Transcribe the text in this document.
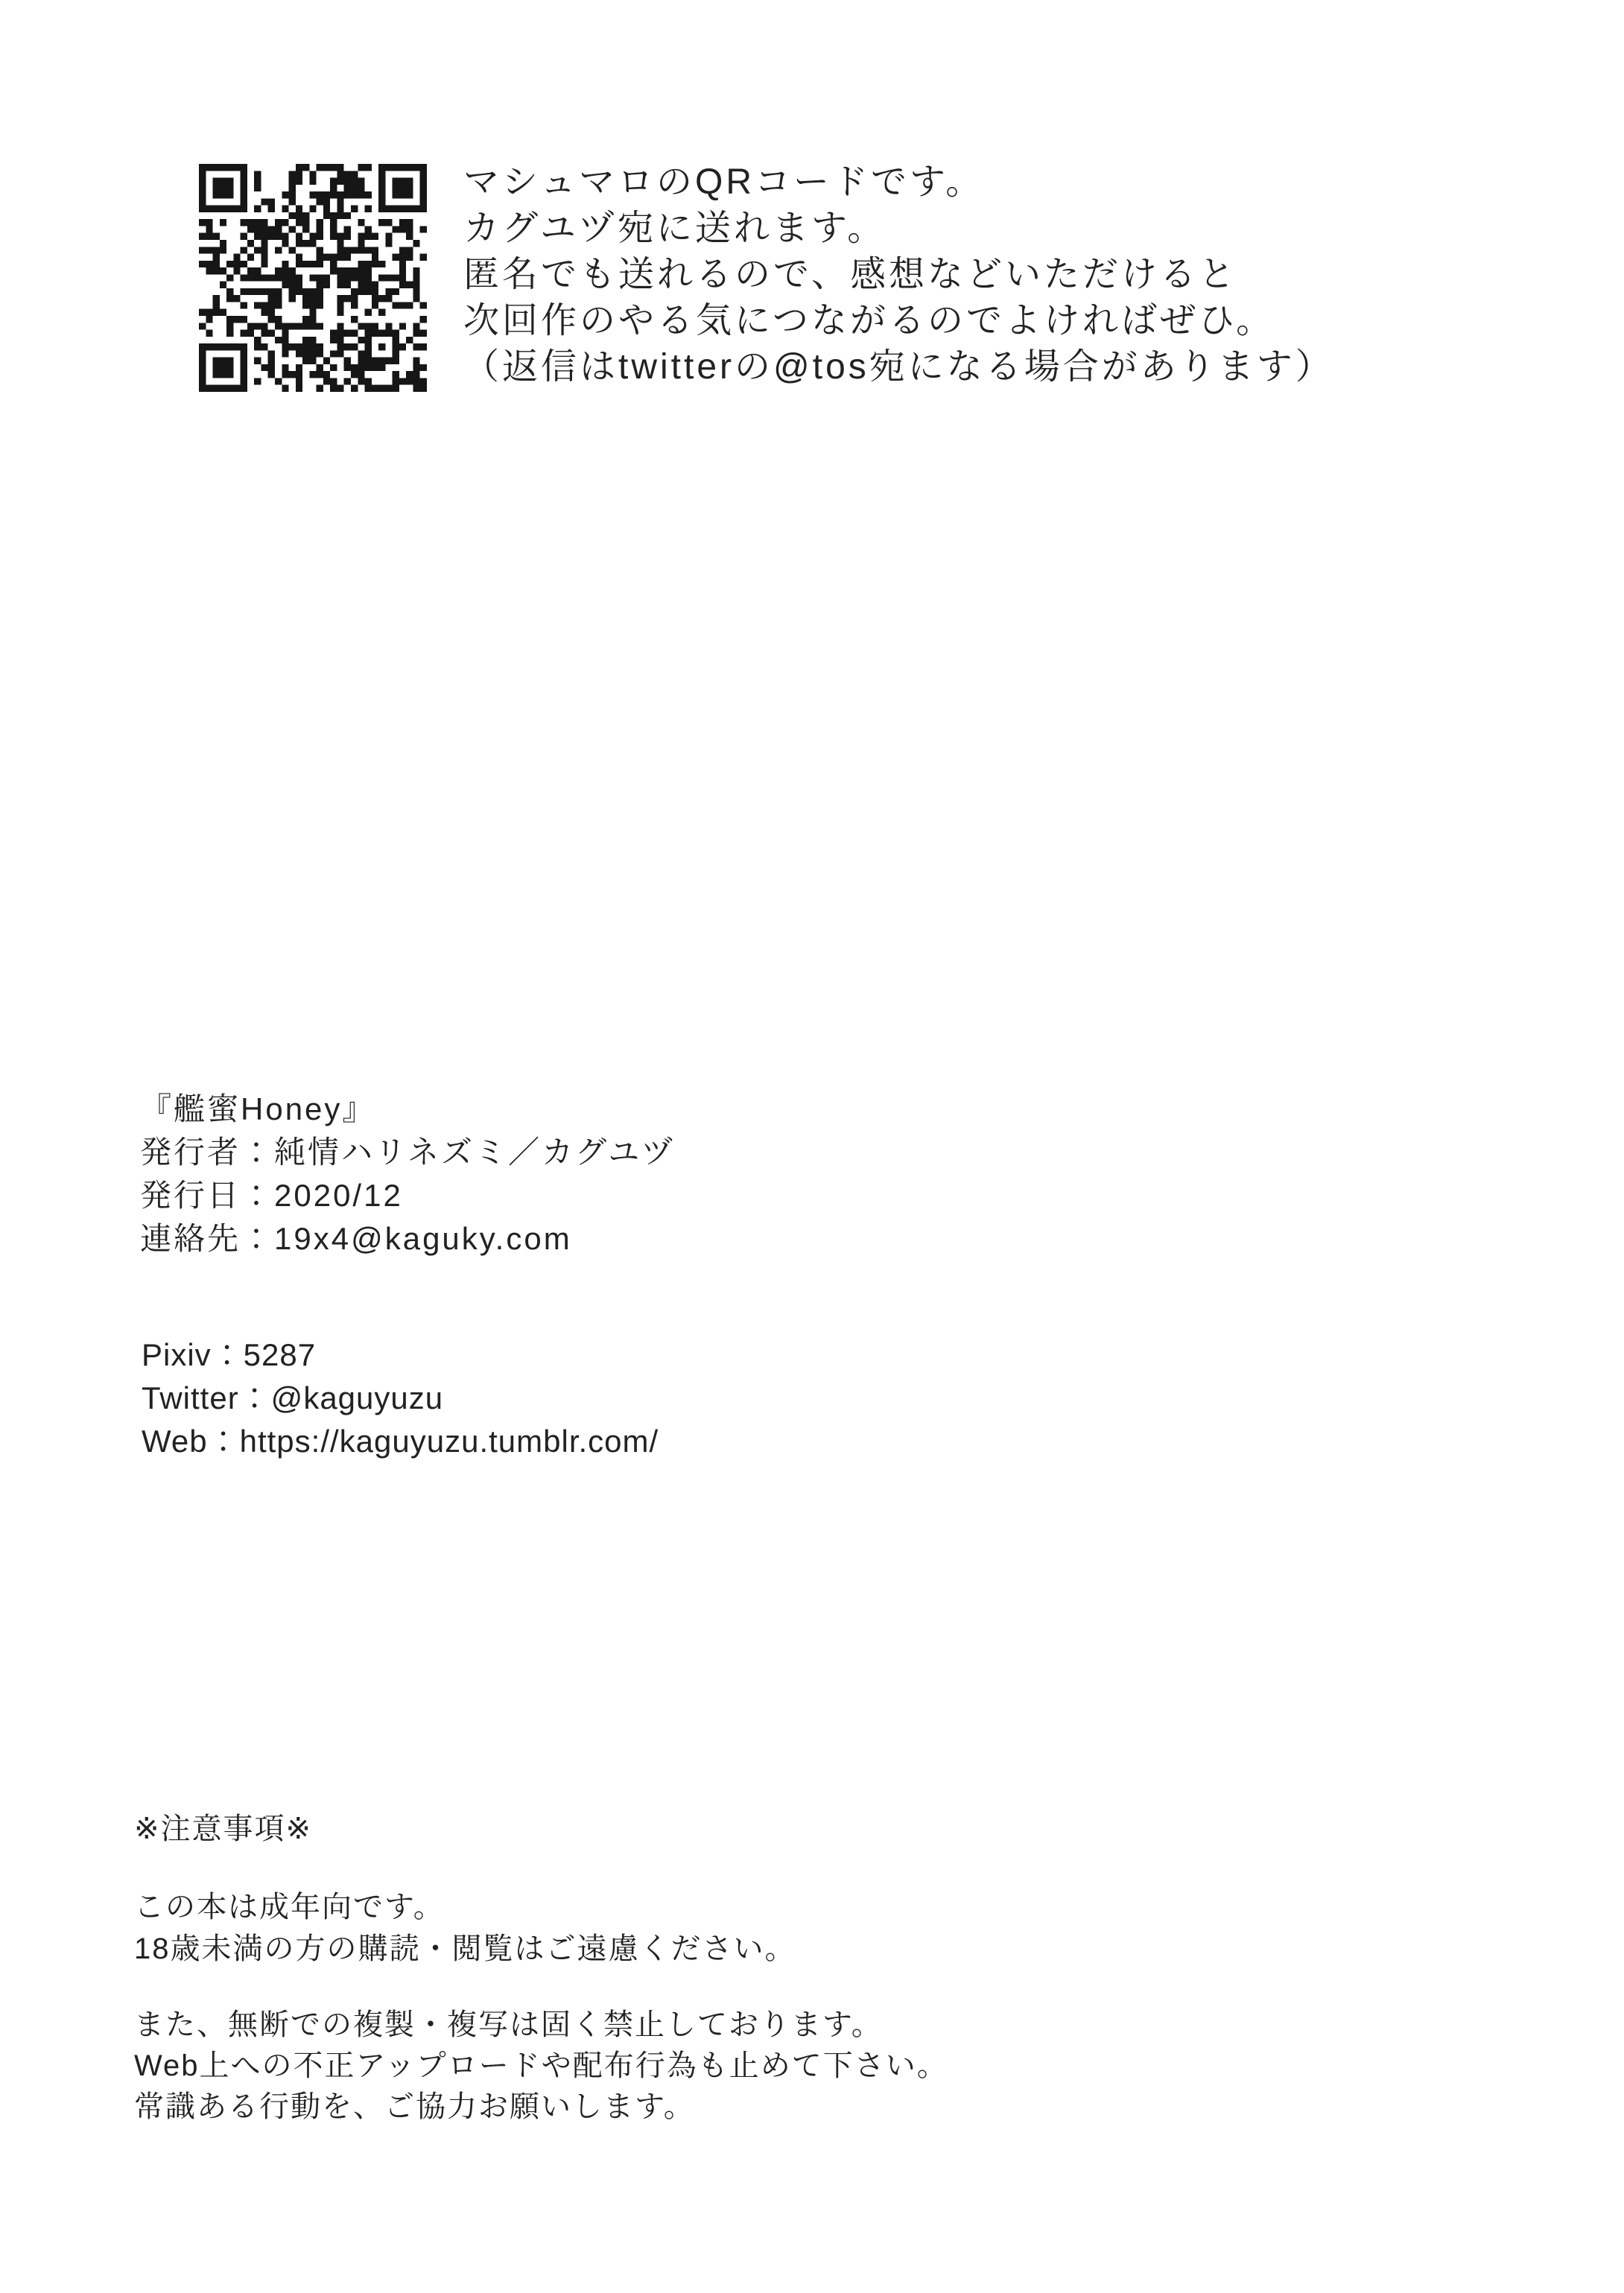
マシュマロのQRコードです。
カグユヅ宛に送れます。
匿名でも送れるので、感想などいただけると
次回作のやる気につながるのでよければぜひ。
（返信はtwitterの@tos宛になる場合があります）
『艦蜜Honey』
発行者：純情ハリネズミ／カグユヅ
発行日：2020/12
連絡先：19x4@kaguky.com
Pixiv：5287
Twitter：@kaguyuzu
Web：https://kaguyuzu.tumblr.com/
※注意事項※
この本は成年向です。
18歳未満の方の購読・閲覧はご遠慮ください。
また、無断での複製・複写は固く禁止しております。
Web上への不正アップロードや配布行為も止めて下さい。
常識ある行動を、ご協力お願いします。
